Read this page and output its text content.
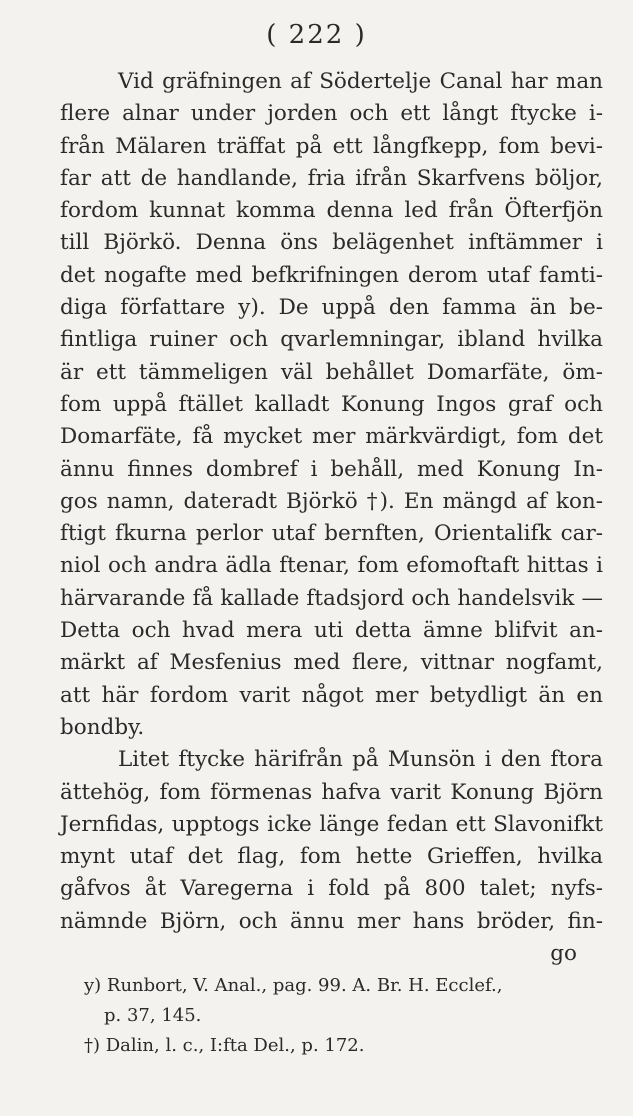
( 222 )
Vid gräfningen af Södertelje Canal har man
flere alnar under jorden och ett långt ftycke i-
från Mälaren träffat på ett långfkepp, fom bevi-
far att de handlande, fria ifrån Skarfvens böljor,
fordom kunnat komma denna led från Öfterfjön
till Björkö. Denna öns belägenhet inftämmer i
det nogafte med befkrifningen derom utaf famti-
diga författare y). De uppå den famma än be-
fintliga ruiner och qvarlemningar, ibland hvilka
är ett tämmeligen väl behållet Domarfäte, öm-
fom uppå ftället kalladt Konung Ingos graf och
Domarfäte, få mycket mer märkvärdigt, fom det
ännu finnes dombref i behåll, med Konung In-
gos namn, dateradt Björkö †). En mängd af kon-
ftigt fkurna perlor utaf bernften, Orientalifk car-
niol och andra ädla ftenar, fom efomoftaft hittas i
härvarande få kallade ftadsjord och handelsvik —
Detta och hvad mera uti detta ämne blifvit an-
märkt af Mesfenius med flere, vittnar nogfamt,
att här fordom varit något mer betydligt än en
bondby.
Litet ftycke härifrån på Munsön i den ftora
ättehög, fom förmenas hafva varit Konung Björn
Jernfidas, upptogs icke länge fedan ett Slavonifkt
mynt utaf det flag, fom hette Grieffen, hvilka
gåfvos åt Varegerna i fold på 800 talet; nyfs-
nämnde Björn, och ännu mer hans bröder, fin-
go
y) Runbort, V. Anal., pag. 99. A. Br. H. Ecclef.,
p. 37, 145.
†) Dalin, l. c., I:fta Del., p. 172.
